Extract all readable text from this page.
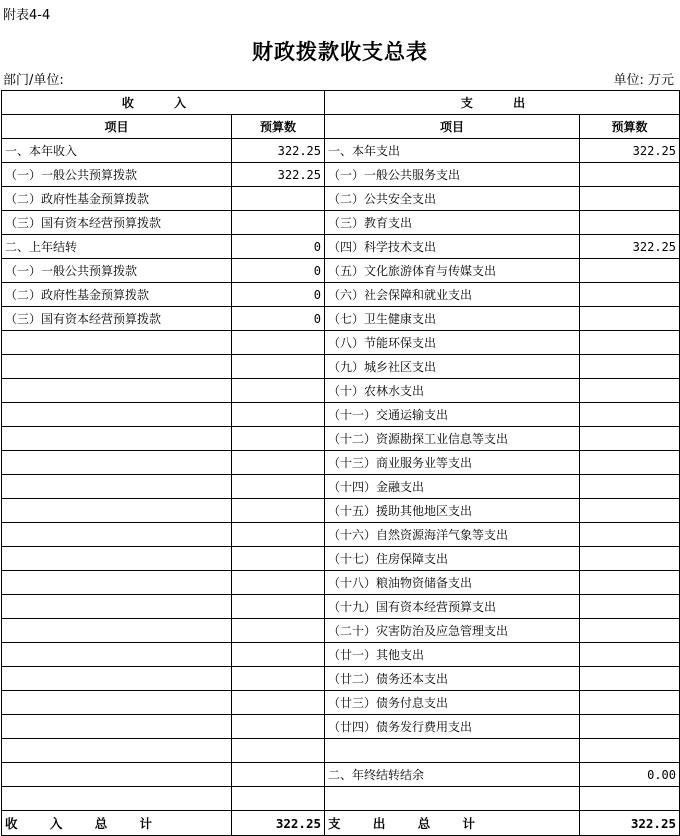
附表4-4
财政拨款收支总表
部门/单位:	单位: 万元
收 入		支 出	
项目	预算数	项目	预算数
一、本年收入	322.25	一、本年支出	322.25
（一）一般公共预算拨款	322.25	（一）一般公共服务支出	
（二）政府性基金预算拨款		（二）公共安全支出	
（三）国有资本经营预算拨款		（三）教育支出	
二、上年结转	0	（四）科学技术支出	322.25
（一）一般公共预算拨款	0	（五）文化旅游体育与传媒支出	
（二）政府性基金预算拨款	0	（六）社会保障和就业支出	
（三）国有资本经营预算拨款	0	（七）卫生健康支出	
		（八）节能环保支出	
		（九）城乡社区支出	
		（十）农林水支出	
		（十一）交通运输支出	
		（十二）资源勘探工业信息等支出	
		（十三）商业服务业等支出	
		（十四）金融支出	
		（十五）援助其他地区支出	
		（十六）自然资源海洋气象等支出	
		（十七）住房保障支出	
		（十八）粮油物资储备支出	
		（十九）国有资本经营预算支出	
		（二十）灾害防治及应急管理支出	
		（廿一）其他支出	
		（廿二）债务还本支出	
		（廿三）债务付息支出	
		（廿四）债务发行费用支出	

		二、年终结转结余	0.00

收 入 总 计	322.25	支 出 总 计	322.25
